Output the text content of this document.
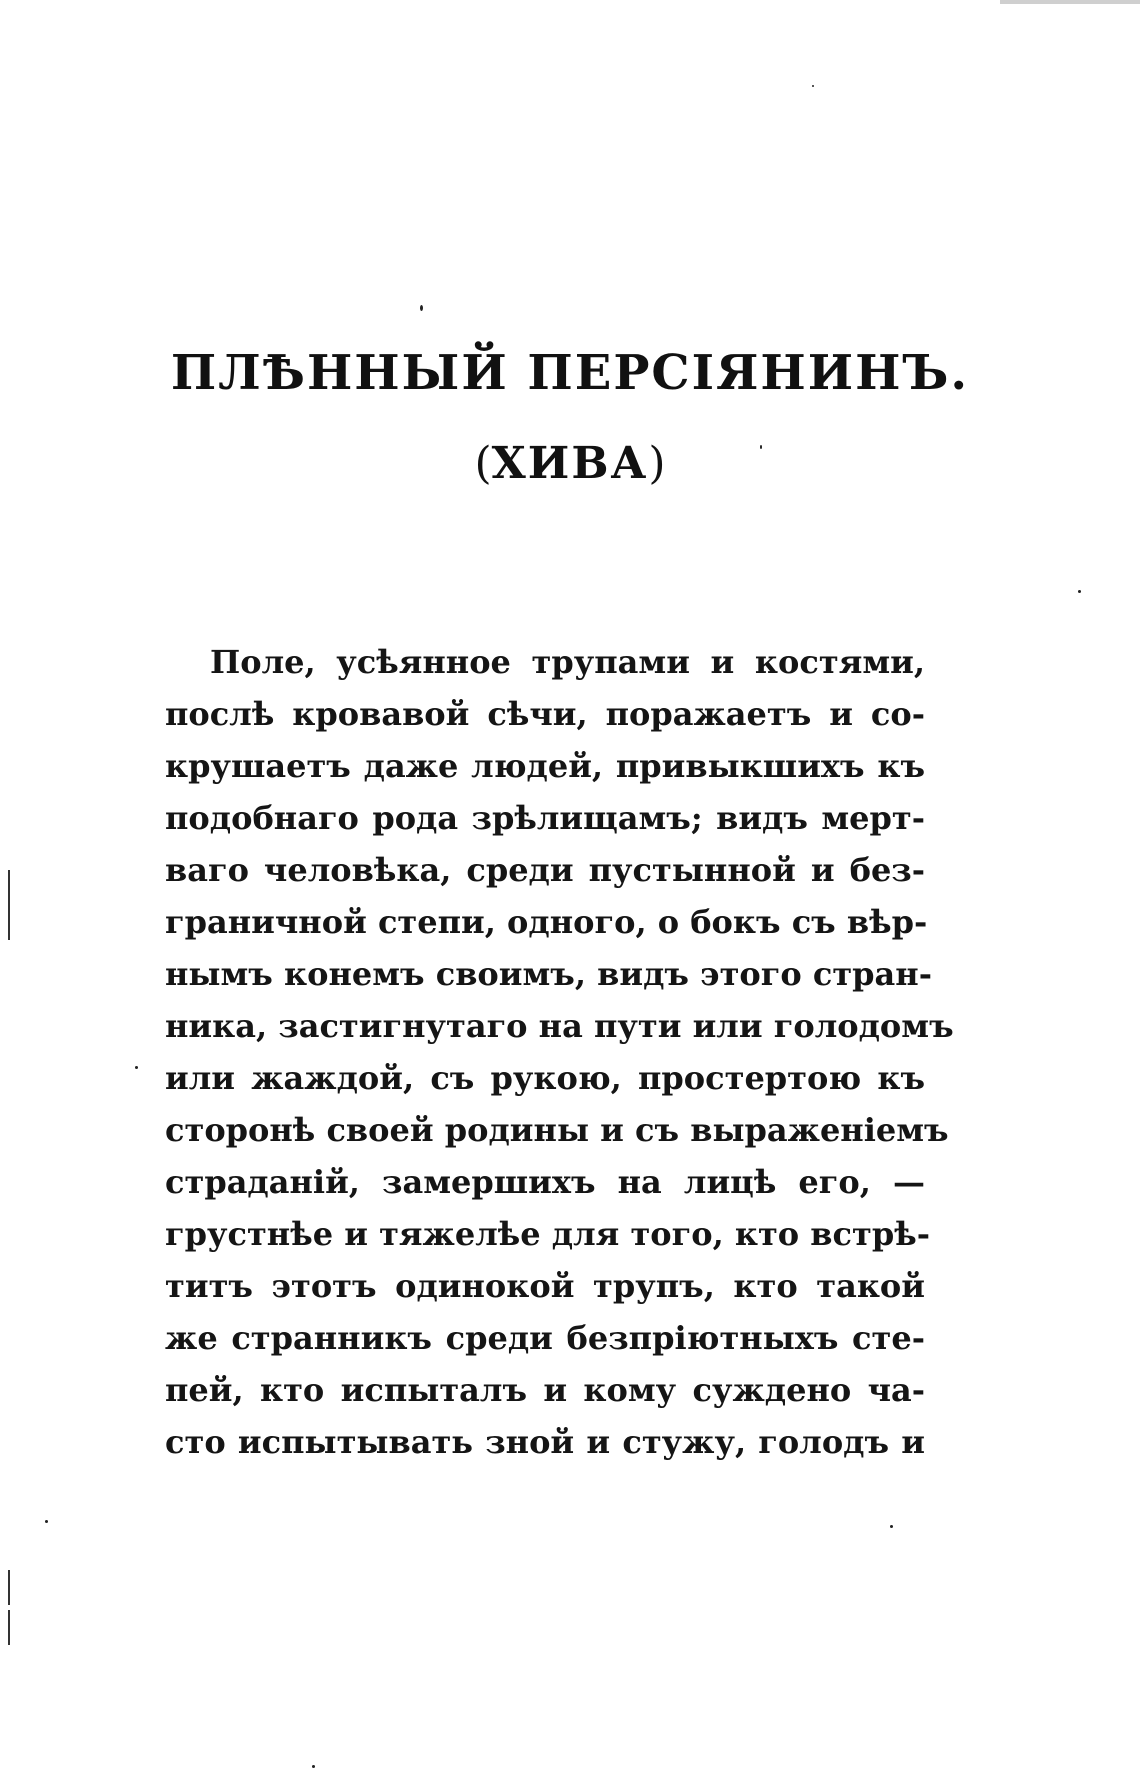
ПЛѢННЫЙ ПЕРСІЯНИНЪ.
(ХИВА)
Поле, усѣянное трупами и костями,
послѣ кровавой сѣчи, поражаетъ и со-
крушаетъ даже людей, привыкшихъ къ
подобнаго рода зрѣлищамъ; видъ мерт-
ваго человѣка, среди пустынной и без-
граничной степи, одного, о бокъ съ вѣр-
нымъ конемъ своимъ, видъ этого стран-
ника, застигнутаго на пути или голодомъ
или жаждой, съ рукою, простертою къ
сторонѣ своей родины и съ выраженіемъ
страданій, замершихъ на лицѣ его, —
грустнѣе и тяжелѣе для того, кто встрѣ-
титъ этотъ одинокой трупъ, кто такой
же странникъ среди безпріютныхъ сте-
пей, кто испыталъ и кому суждено ча-
сто испытывать зной и стужу, голодъ и
